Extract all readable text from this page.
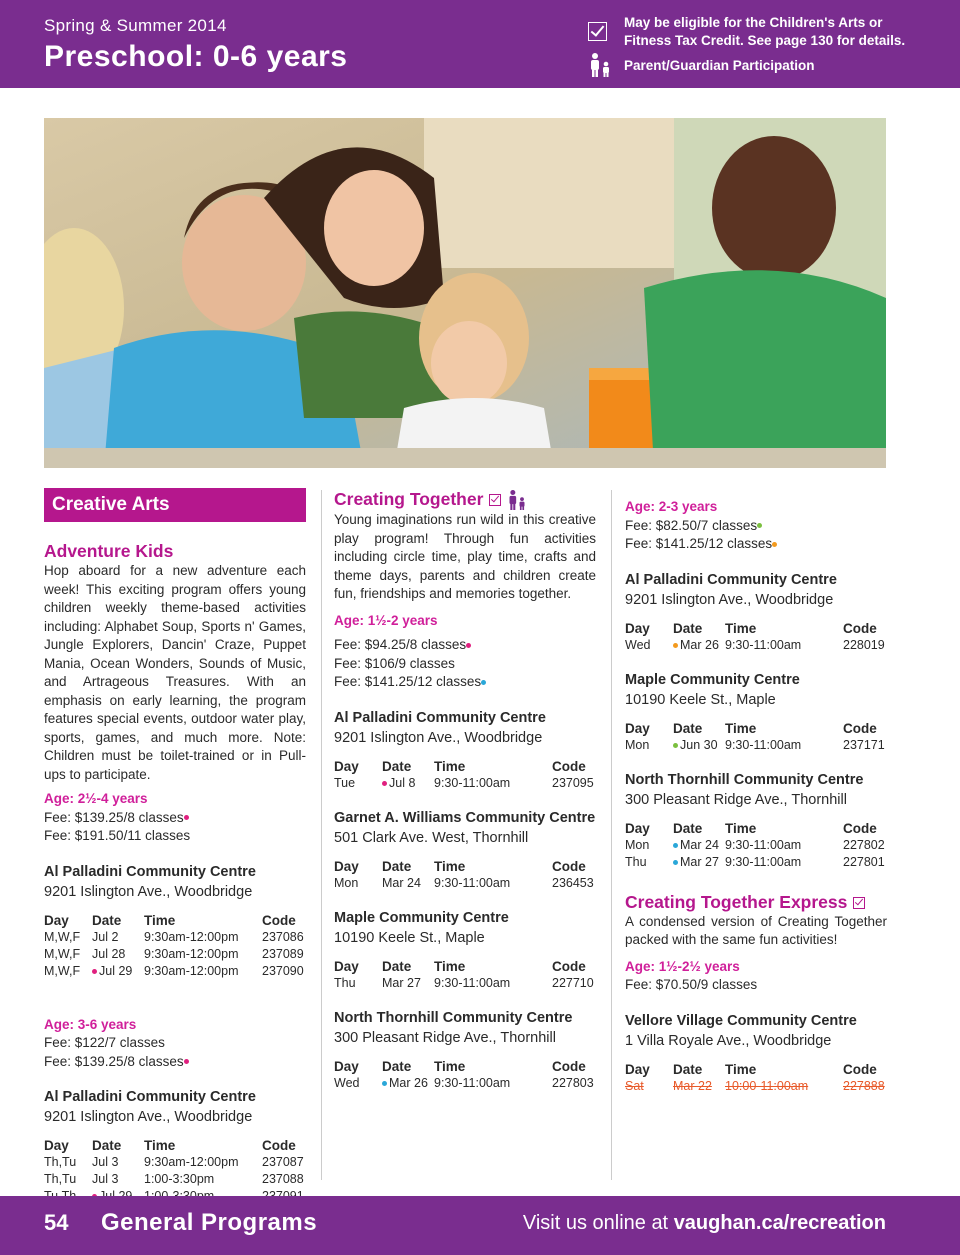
Spring & Summer 2014
Preschool: 0-6 years
May be eligible for the Children's Arts or Fitness Tax Credit. See page 130 for details.
Parent/Guardian Participation
Creative Arts
Adventure Kids

Hop aboard for a new adventure each week! This exciting program offers young children weekly theme-based activities including: Alphabet Soup, Sports n' Games, Jungle Explorers, Dancin' Craze, Puppet Mania, Ocean Wonders, Sounds of Music, and Artrageous Treasures. With an emphasis on early learning, the program features special events, outdoor water play, sports, games, and much more. Note: Children must be toilet-trained or in Pull-ups to participate.

Age: 2½-4 years
Fee: $139.25/8 classes
Fee: $191.50/11 classes
Al Palladini Community Centre
9201 Islington Ave., Woodbridge
Day	Date	Time	Code
M,W,F	Jul 2	9:30am-12:00pm	237086
M,W,F	Jul 28	9:30am-12:00pm	237089
M,W,F	Jul 29	9:30am-12:00pm	237090
Age: 3-6 years
Fee: $122/7 classes
Fee: $139.25/8 classes
Al Palladini Community Centre
9201 Islington Ave., Woodbridge
Day	Date	Time	Code
Th,Tu	Jul 3	9:30am-12:00pm	237087
Th,Tu	Jul 3	1:00-3:30pm	237088

Creating Together

Young imaginations run wild in this creative play program! Through fun activities including circle time, play time, crafts and theme days, parents and children create fun, friendships and memories together.

Age: 1½-2 years
Fee: $94.25/8 classes
Fee: $106/9 classes
Fee: $141.25/12 classes
Al Palladini Community Centre
9201 Islington Ave., Woodbridge
Day	Date	Time	Code
Tue	Jul 8	9:30-11:00am	237095
Garnet A. Williams Community Centre
501 Clark Ave. West, Thornhill
Day	Date	Time	Code
Mon	Mar 24	9:30-11:00am	236453
Maple Community Centre
10190 Keele St., Maple
Day	Date	Time	Code
Thu	Mar 27	9:30-11:00am	227710
North Thornhill Community Centre
300 Pleasant Ridge Ave., Thornhill
Day	Date	Time	Code
Wed	Mar 26	9:30-11:00am	227803
Age: 2-3 years
Fee: $82.50/7 classes
Fee: $141.25/12 classes
Al Palladini Community Centre
9201 Islington Ave., Woodbridge
Day	Date	Time	Code
Wed	Mar 26	9:30-11:00am	228019
Maple Community Centre
10190 Keele St., Maple
Day	Date	Time	Code
Mon	Jun 30	9:30-11:00am	237171
North Thornhill Community Centre
300 Pleasant Ridge Ave., Thornhill
Day	Date	Time	Code
Mon	Mar 24	9:30-11:00am	227802
Thu	Mar 27	9:30-11:00am	227801
Creating Together Express

A condensed version of Creating Together packed with the same fun activities!

Age: 1½-2½ years
Fee: $70.50/9 classes
Vellore Village Community Centre
1 Villa Royale Ave., Woodbridge
Day	Date	Time	Code
Sat	Mar 22	10:00-11:00am	227888
54 General Programs	Visit us online at vaughan.ca/recreation
